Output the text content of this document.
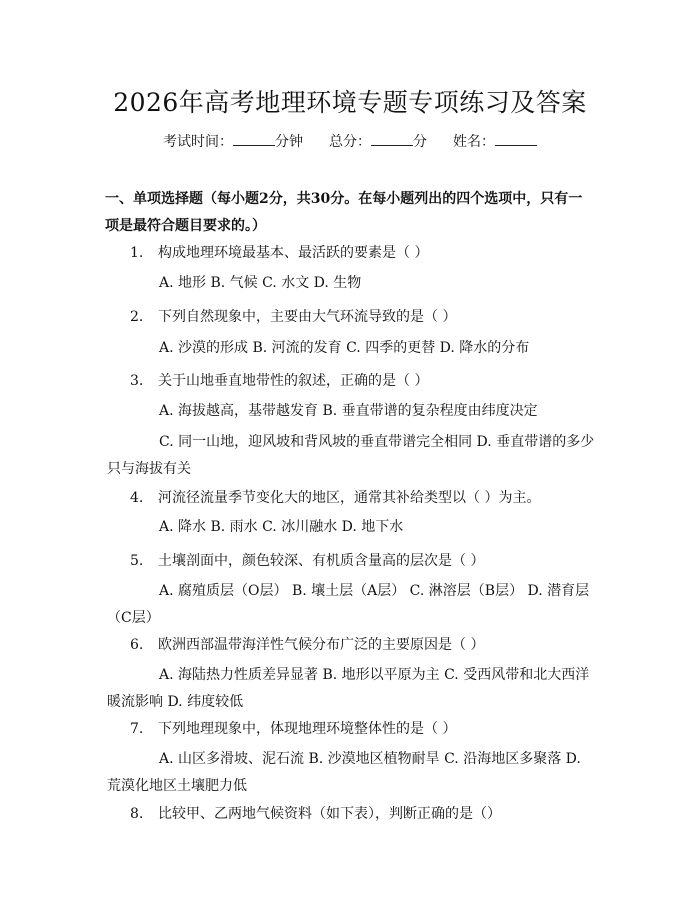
2026年高考地理环境专题专项练习及答案
考试时间：	分钟 总分：	分 姓名：
一、单项选择题（每小题2分，共30分。在每小题列出的四个选项中，只有一项是最符合题目要求的。）
1. 构成地理环境最基本、最活跃的要素是（ ）
A. 地形 B. 气候 C. 水文 D. 生物
2. 下列自然现象中，主要由大气环流导致的是（ ）
A. 沙漠的形成 B. 河流的发育 C. 四季的更替 D. 降水的分布
3. 关于山地垂直地带性的叙述，正确的是（ ）
A. 海拔越高，基带越发育 B. 垂直带谱的复杂程度由纬度决定
C. 同一山地，迎风坡和背风坡的垂直带谱完全相同 D. 垂直带谱的多少只与海拔有关
4. 河流径流量季节变化大的地区，通常其补给类型以（ ）为主。
A. 降水 B. 雨水 C. 冰川融水 D. 地下水
5. 土壤剖面中，颜色较深、有机质含量高的层次是（ ）
A. 腐殖质层（O层） B. 壤土层（A层） C. 淋溶层（B层） D. 潜育层（C层）
6. 欧洲西部温带海洋性气候分布广泛的主要原因是（ ）
A. 海陆热力性质差异显著 B. 地形以平原为主 C. 受西风带和北大西洋暖流影响 D. 纬度较低
7. 下列地理现象中，体现地理环境整体性的是（ ）
A. 山区多滑坡、泥石流 B. 沙漠地区植物耐旱 C. 沿海地区多聚落 D. 荒漠化地区土壤肥力低
8. 比较甲、乙两地气候资料（如下表），判断正确的是（）
